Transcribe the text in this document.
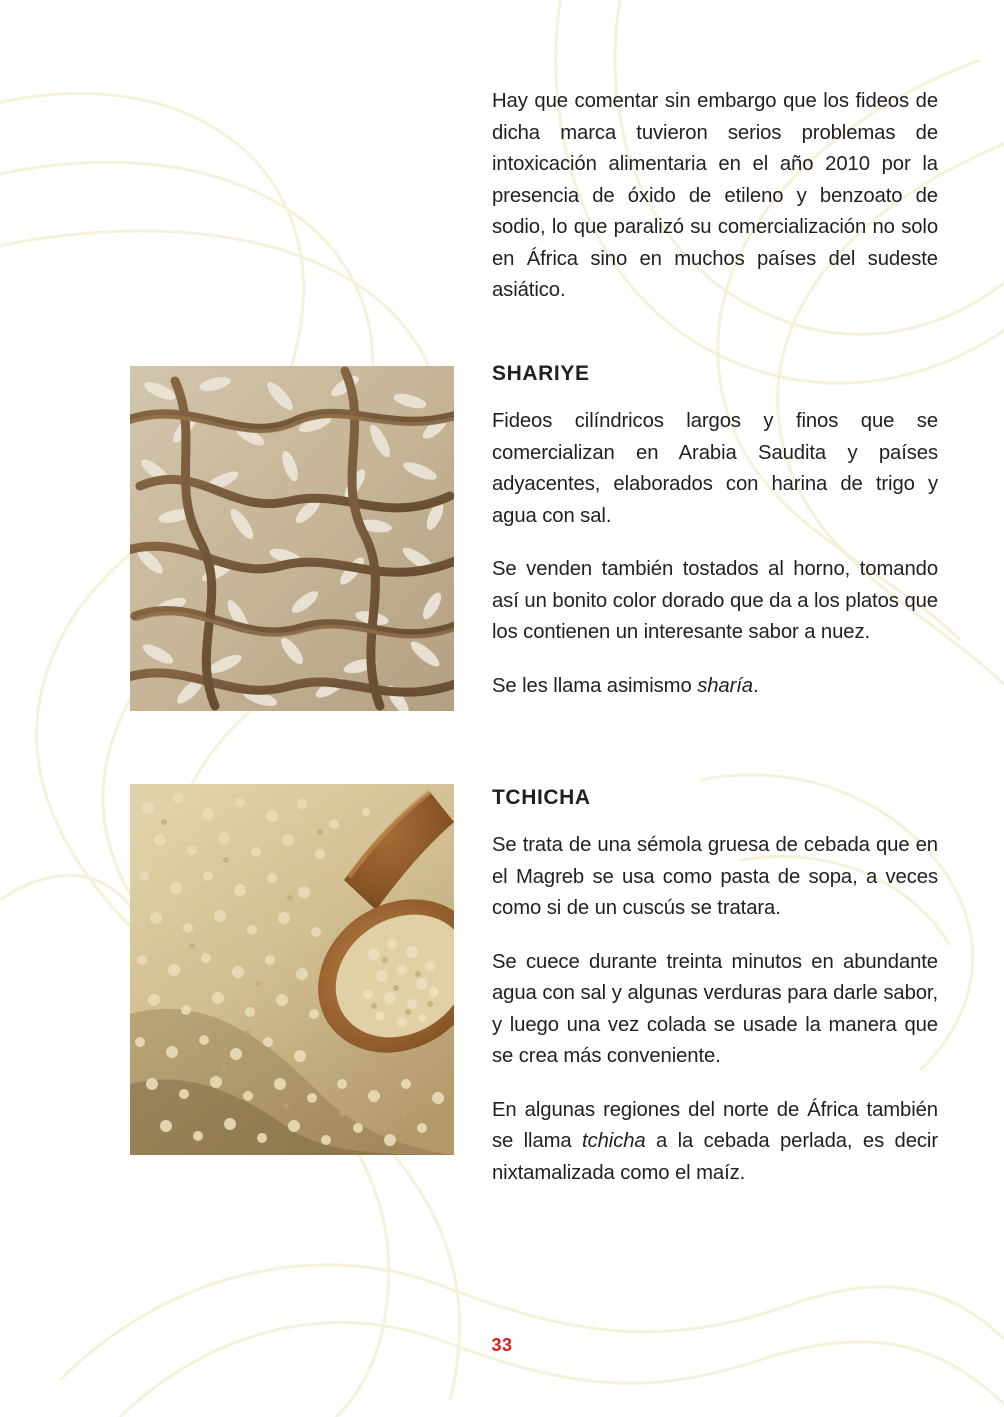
Hay que comentar sin embargo que los fideos de dicha marca tuvieron serios problemas de intoxicación alimentaria en el año 2010 por la presencia de óxido de etileno y benzoato de sodio, lo que paralizó su comercialización no solo en África sino en muchos países del sudeste asiático.

SHARIYE

Fideos cilíndricos largos y finos que se comercializan en Arabia Saudita y países adyacentes, elaborados con harina de trigo y agua con sal.

Se venden también tostados al horno, tomando así un bonito color dorado que da a los platos que los contienen un interesante sabor a nuez.

Se les llama asimismo sharía.

TCHICHA

Se trata de una sémola gruesa de cebada que en el Magreb se usa como pasta de sopa, a veces como si de un cuscús se tratara.

Se cuece durante treinta minutos en abundante agua con sal y algunas verduras para darle sabor, y luego una vez colada se usade la manera que se crea más conveniente.

En algunas regiones del norte de África también se llama tchicha a la cebada perlada, es decir nixtamalizada como el maíz.

33
